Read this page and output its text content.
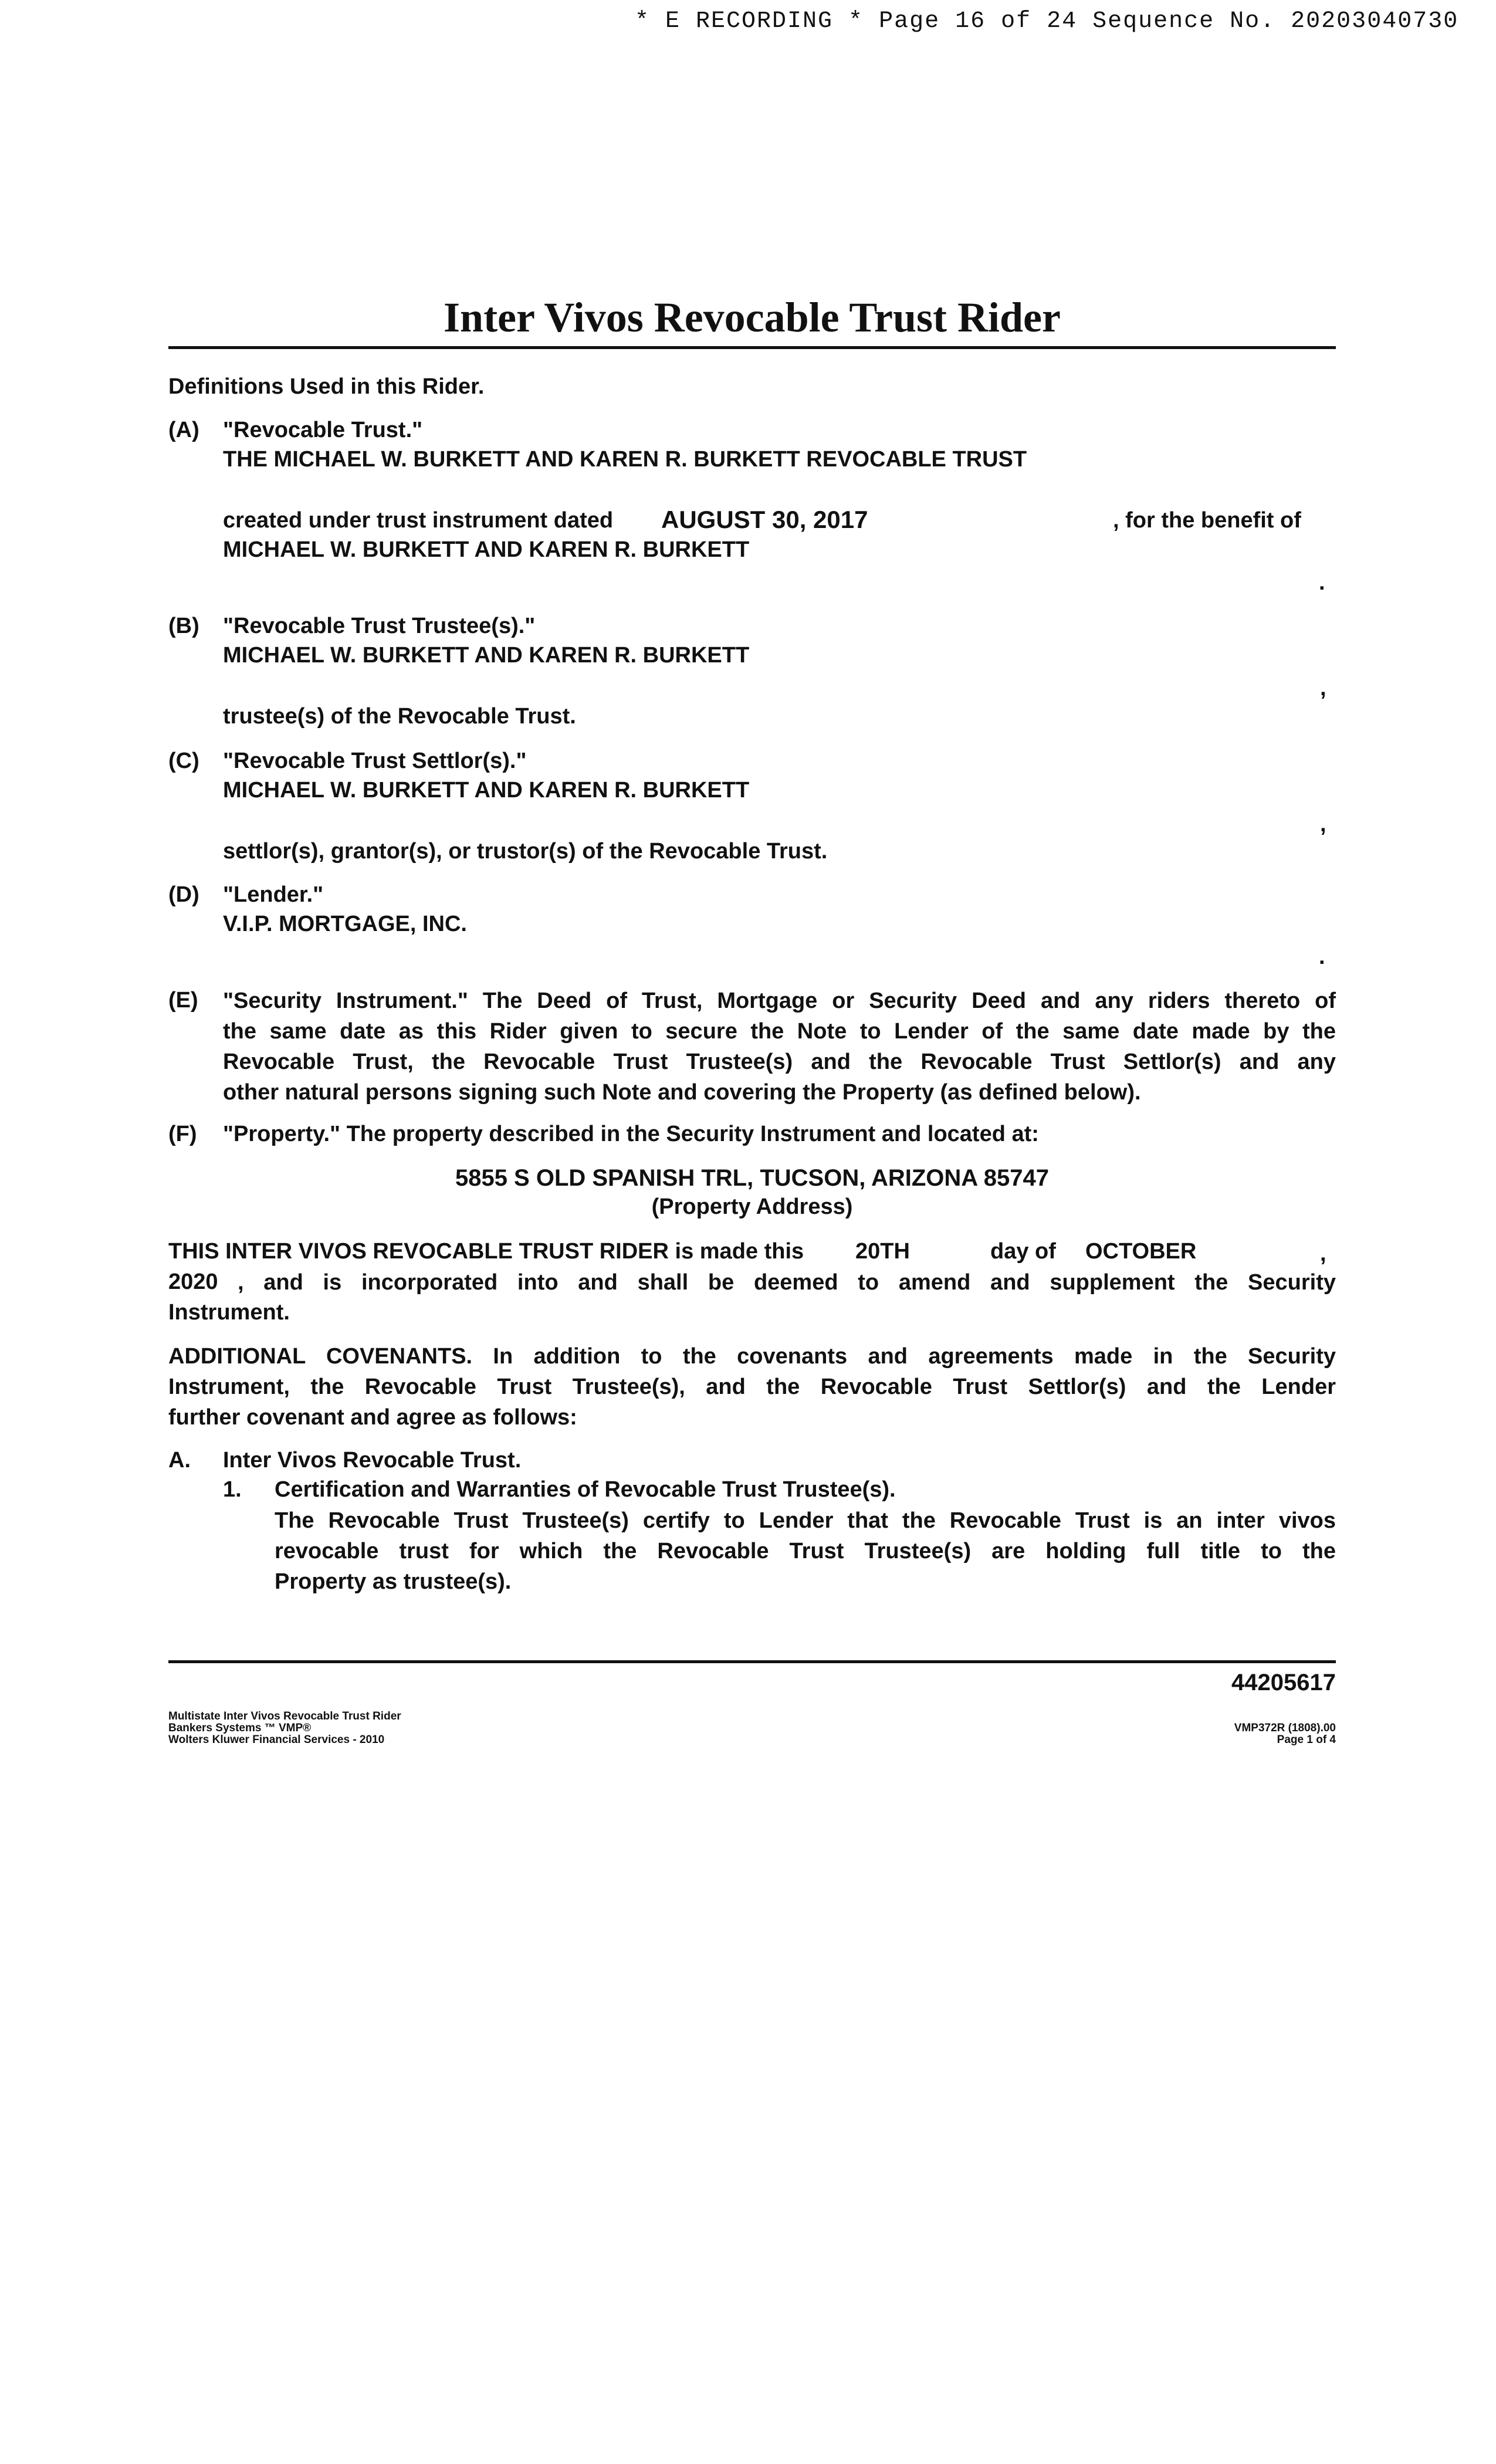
* E RECORDING * Page 16 of 24 Sequence No. 20203040730
Inter Vivos Revocable Trust Rider
Definitions Used in this Rider.
(A) "Revocable Trust."
THE MICHAEL W. BURKETT AND KAREN R. BURKETT REVOCABLE TRUST
created under trust instrument dated AUGUST 30, 2017	, for the benefit of
MICHAEL W. BURKETT AND KAREN R. BURKETT
.
(B) "Revocable Trust Trustee(s)."
MICHAEL W. BURKETT AND KAREN R. BURKETT
,
trustee(s) of the Revocable Trust.
(C) "Revocable Trust Settlor(s)."
MICHAEL W. BURKETT AND KAREN R. BURKETT
,
settlor(s), grantor(s), or trustor(s) of the Revocable Trust.
(D) "Lender."
V.I.P. MORTGAGE, INC.
.
(E) "Security Instrument." The Deed of Trust, Mortgage or Security Deed and any riders thereto of
the same date as this Rider given to secure the Note to Lender of the same date made by the
Revocable Trust, the Revocable Trust Trustee(s) and the Revocable Trust Settlor(s) and any
other natural persons signing such Note and covering the Property (as defined below).
(F) "Property." The property described in the Security Instrument and located at:
5855 S OLD SPANISH TRL, TUCSON, ARIZONA 85747
(Property Address)
THIS INTER VIVOS REVOCABLE TRUST RIDER is made this 20TH	day of OCTOBER	,
2020 , and is incorporated into and shall be deemed to amend and supplement the Security
Instrument.
ADDITIONAL COVENANTS. In addition to the covenants and agreements made in the Security
Instrument, the Revocable Trust Trustee(s), and the Revocable Trust Settlor(s) and the Lender
further covenant and agree as follows:
A. Inter Vivos Revocable Trust.
1. Certification and Warranties of Revocable Trust Trustee(s).
The Revocable Trust Trustee(s) certify to Lender that the Revocable Trust is an inter vivos
revocable trust for which the Revocable Trust Trustee(s) are holding full title to the
Property as trustee(s).
44205617
Multistate Inter Vivos Revocable Trust Rider
Bankers Systems ™ VMP®
Wolters Kluwer Financial Services - 2010
VMP372R (1808).00
Page 1 of 4
